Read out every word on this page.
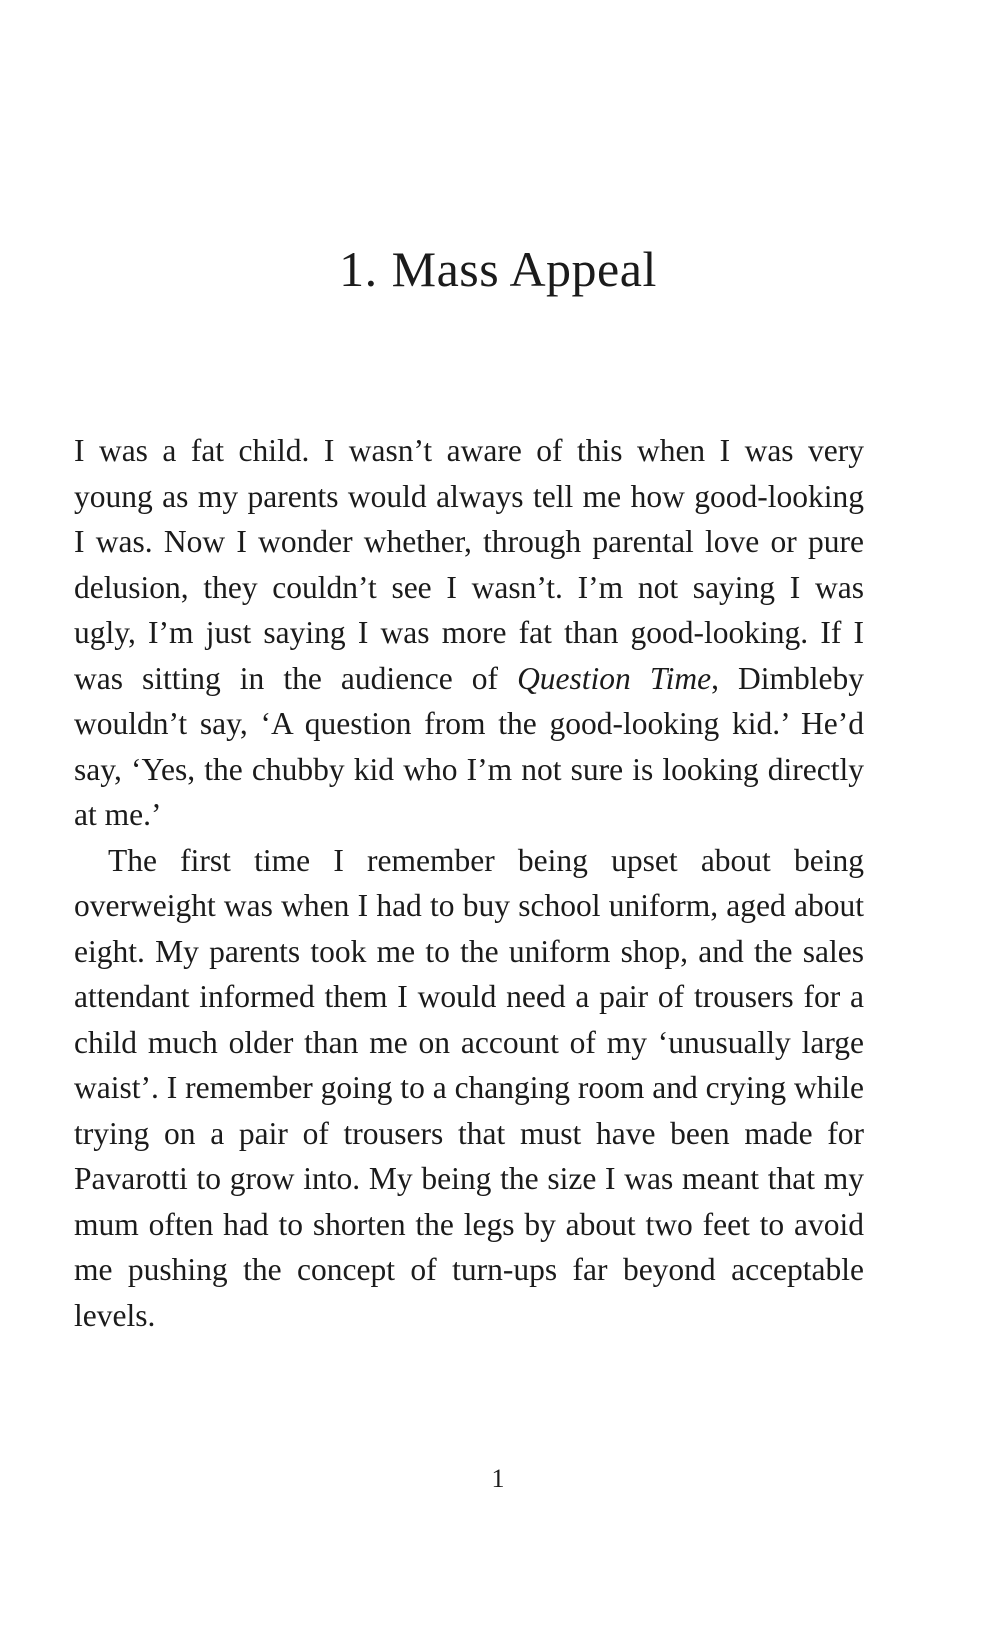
1. Mass Appeal

I was a fat child. I wasn’t aware of this when I was very young as my parents would always tell me how good-looking I was. Now I wonder whether, through parental love or pure delusion, they couldn’t see I wasn’t. I’m not saying I was ugly, I’m just saying I was more fat than good-looking. If I was sitting in the audience of Question Time, Dimbleby wouldn’t say, ‘A question from the good-looking kid.’ He’d say, ‘Yes, the chubby kid who I’m not sure is looking directly at me.’

The first time I remember being upset about being overweight was when I had to buy school uniform, aged about eight. My parents took me to the uniform shop, and the sales attendant informed them I would need a pair of trousers for a child much older than me on account of my ‘unusually large waist’. I remember going to a changing room and crying while trying on a pair of trousers that must have been made for Pavarotti to grow into. My being the size I was meant that my mum often had to shorten the legs by about two feet to avoid me pushing the concept of turn-ups far beyond acceptable levels.

1
